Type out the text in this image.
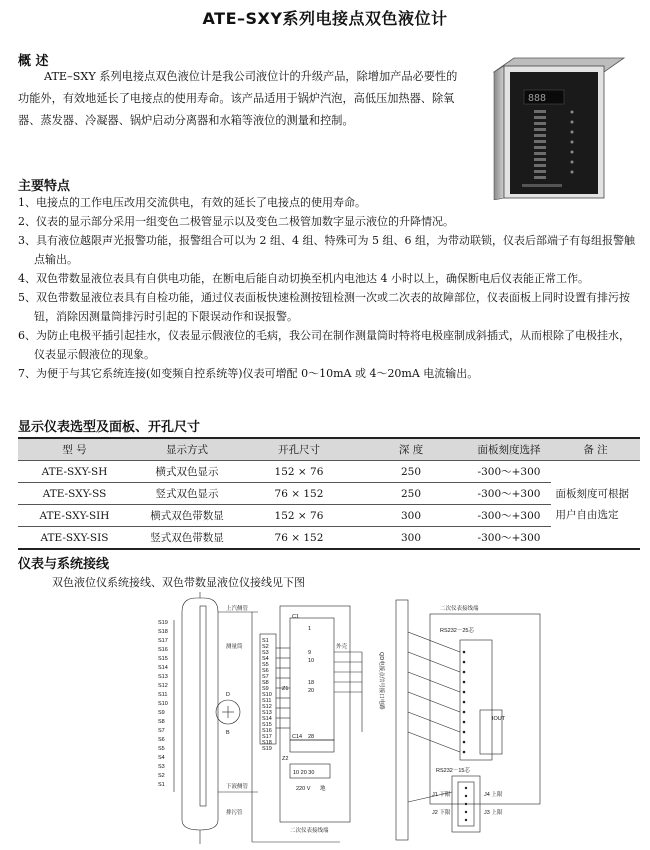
ATE–SXY系列电接点双色液位计
概 述
ATE–SXY 系列电接点双色液位计是我公司液位计的升级产品，除增加产品必要性的功能外，有效地延长了电接点的使用寿命。该产品适用于锅炉汽泡，高低压加热器、除氧器、蒸发器、冷凝器、锅炉启动分离器和水箱等液位的测量和控制。
888
主要特点
1、电接点的工作电压改用交流供电，有效的延长了电接点的使用寿命。
2、仪表的显示部分采用一组变色二极管显示以及变色二极管加数字显示液位的升降情况。
3、具有液位越限声光报警功能，报警组合可以为 2 组、4 组、特殊可为 5 组、6 组，为带动联锁，仪表后部端子有每组报警触点输出。
4、双色带数显液位表具有自供电功能，在断电后能自动切换至机内电池达 4 小时以上，确保断电后仪表能正常工作。
5、双色带数显液位表具有自检功能，通过仪表面板快速检测按钮检测一次或二次表的故障部位，仪表面板上同时设置有排污按钮，消除因测量筒排污时引起的下限误动作和误报警。
6、为防止电极平插引起挂水，仪表显示假液位的毛病，我公司在制作测量筒时特将电极座制成斜插式，从而根除了电极挂水，仪表显示假液位的现象。
7、为便于与其它系统连接(如变频自控系统等)仪表可增配 0～10mA 或 4～20mA 电流输出。
显示仪表选型及面板、开孔尺寸
型 号	显示方式	开孔尺寸	深 度	面板刻度选择	备 注
ATE-SXY-SH	横式双色显示	152 × 76	250	-300～+300	面板刻度可根据用户自由选定
ATE-SXY-SS	竖式双色显示	76 × 152	250	-300～+300	
ATE-SXY-SIH	横式双色带数显	152 × 76	300	-300～+300	
ATE-SXY-SIS	竖式双色带数显	76 × 152	300	-300～+300	
仪表与系统接线
双色液位仪系统接线、双色带数显液位仪接线见下图
S19
S18
S17
S16
S15
S14
S13
S12
S11
S10
S9
S8
S7
S6
S5
S4
S3
S2
S1
S1
S2
S3
S4
S5
S6
S7
S8
S9
S10
S11
S12
S13
S14
S15
S16
S17
S18
S19
上汽侧管
测量筒
下液侧管
排污管
D
B
C1
C14
1
9
10
18
20
28
外壳
Z1
Z2
10 20 30
220 V 地
二次仪表接线端
二次仪表接线端
RS232－25芯
IOUT
RS232－15芯
J1 下限
J2 下限
J4 上限
J3 上限
QD电接点信号接口电路
